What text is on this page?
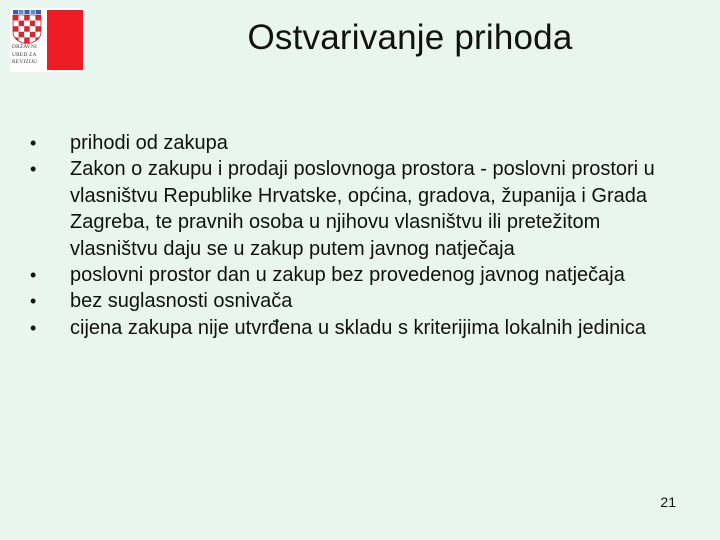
DRŽAVNI
URED ZA
REVIZIJU
Ostvarivanje prihoda
• prihodi od zakupa
• Zakon o zakupu i prodaji poslovnoga prostora - poslovni prostori u vlasništvu Republike Hrvatske, općina, gradova, županija i Grada Zagreba, te pravnih osoba u njihovu vlasništvu ili pretežitom vlasništvu daju se u zakup putem javnog natječaja
• poslovni prostor dan u zakup bez provedenog javnog natječaja
• bez suglasnosti osnivača
• cijena zakupa nije utvrđena u skladu s kriterijima lokalnih jedinica
21
